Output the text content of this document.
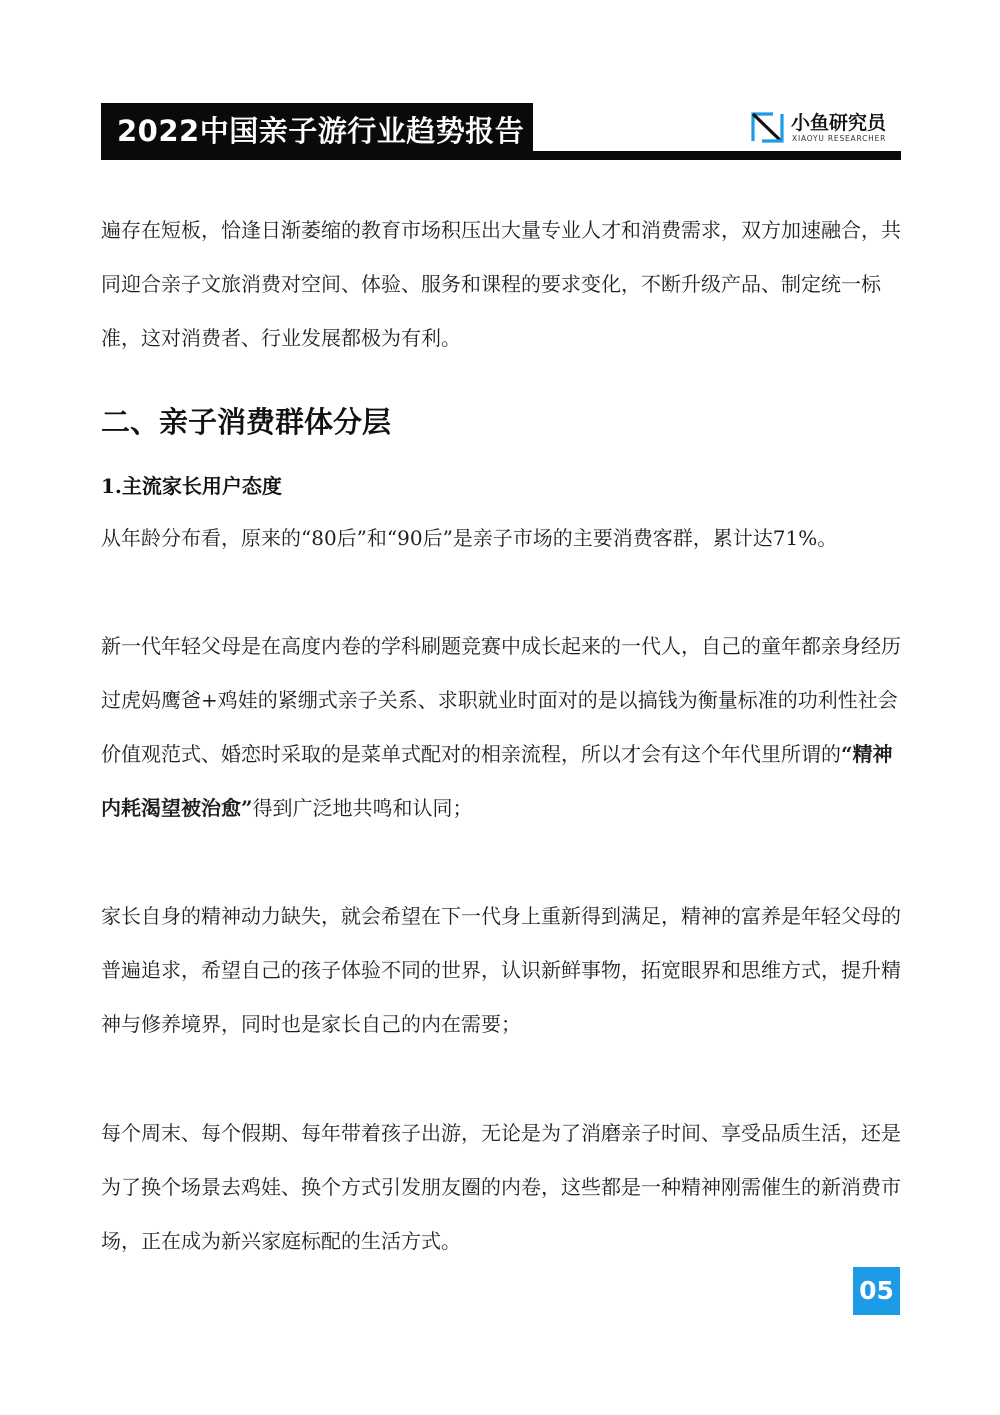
2022中国亲子游行业趋势报告	小鱼研究员
XIAOYU RESEARCHER

遍存在短板，恰逢日渐萎缩的教育市场积压出大量专业人才和消费需求，双方加速融合，共同迎合亲子文旅消费对空间、体验、服务和课程的要求变化，不断升级产品、制定统一标准，这对消费者、行业发展都极为有利。

二、亲子消费群体分层
1.主流家长用户态度

从年龄分布看，原来的“80后”和“90后”是亲子市场的主要消费客群，累计达71%。

新一代年轻父母是在高度内卷的学科刷题竞赛中成长起来的一代人，自己的童年都亲身经历过虎妈鹰爸+鸡娃的紧绷式亲子关系、求职就业时面对的是以搞钱为衡量标准的功利性社会价值观范式、婚恋时采取的是菜单式配对的相亲流程，所以才会有这个年代里所谓的“精神内耗渴望被治愈”得到广泛地共鸣和认同；

家长自身的精神动力缺失，就会希望在下一代身上重新得到满足，精神的富养是年轻父母的普遍追求，希望自己的孩子体验不同的世界，认识新鲜事物，拓宽眼界和思维方式，提升精神与修养境界，同时也是家长自己的内在需要；

每个周末、每个假期、每年带着孩子出游，无论是为了消磨亲子时间、享受品质生活，还是为了换个场景去鸡娃、换个方式引发朋友圈的内卷，这些都是一种精神刚需催生的新消费市场，正在成为新兴家庭标配的生活方式。

05
